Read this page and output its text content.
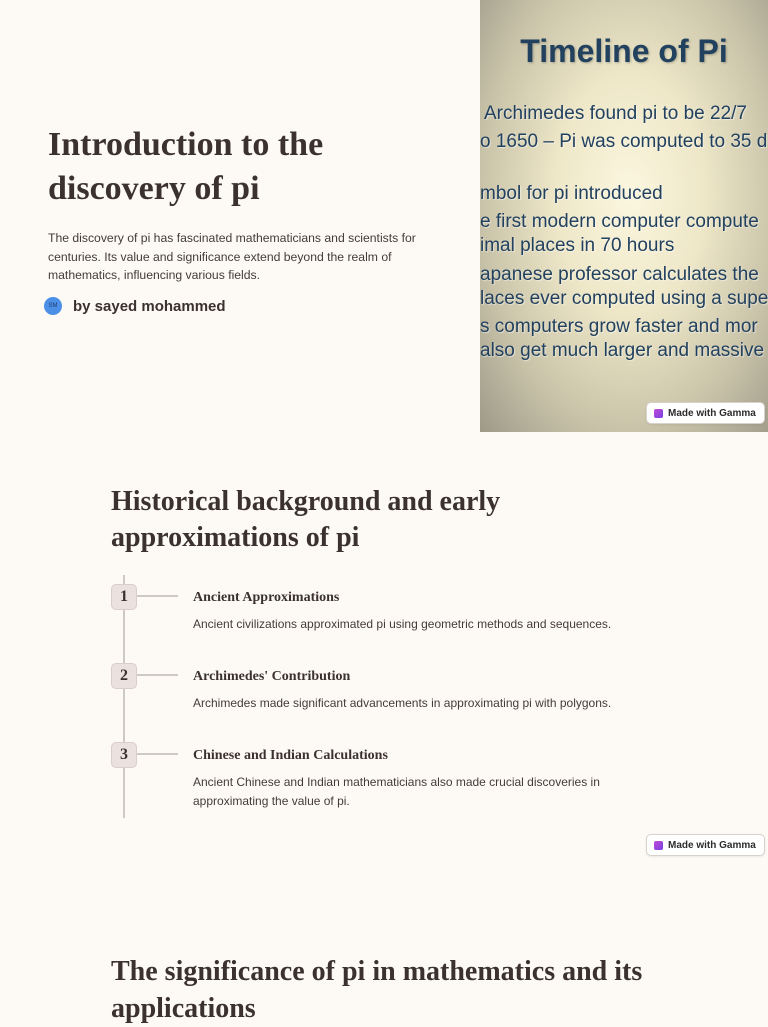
Introduction to the discovery of pi

The discovery of pi has fascinated mathematicians and scientists for centuries. Its value and significance extend beyond the realm of mathematics, influencing various fields.

SM	by sayed mohammed
Timeline of Pi
Archimedes found pi to be 22/7
o 1650 – Pi was computed to 35 d
mbol for pi introduced
e first modern computer compute
imal places in 70 hours
apanese professor calculates the
laces ever computed using a supe
s computers grow faster and mor
also get much larger and massive
Made with Gamma
Historical background and early approximations of pi
1	Ancient Approximations

Ancient civilizations approximated pi using geometric methods and sequences.

2	Archimedes' Contribution

Archimedes made significant advancements in approximating pi with polygons.

3	Chinese and Indian Calculations

Ancient Chinese and Indian mathematicians also made crucial discoveries in approximating the value of pi.

Made with Gamma
The significance of pi in mathematics and its applications
